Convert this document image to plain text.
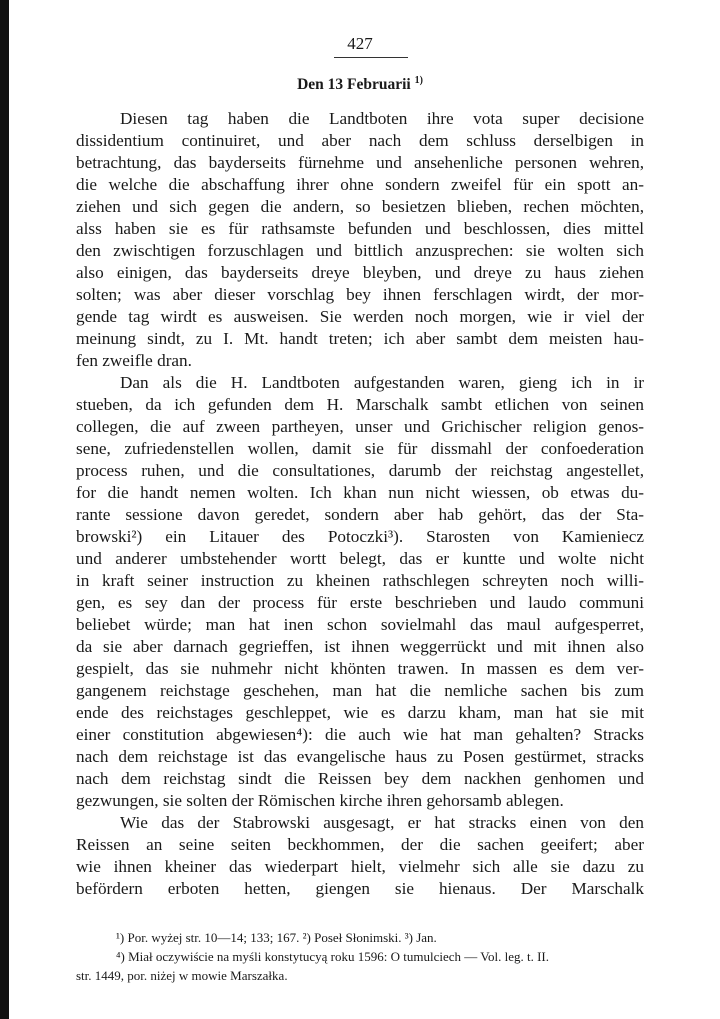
427
Den 13 Februarii $^{1)}$
Diesen tag haben die Landtboten ihre vota super decisione
dissidentium continuiret, und aber nach dem schluss derselbigen in
betrachtung, das bayderseits fürnehme und ansehenliche personen wehren,
die welche die abschaffung ihrer ohne sondern zweifel für ein spott an-
ziehen und sich gegen die andern, so besietzen blieben, rechen möchten,
alss haben sie es für rathsamste befunden und beschlossen, dies mittel
den zwischtigen forzuschlagen und bittlich anzusprechen: sie wolten sich
also einigen, das bayderseits dreye bleyben, und dreye zu haus ziehen
solten; was aber dieser vorschlag bey ihnen ferschlagen wirdt, der mor-
gende tag wirdt es ausweisen. Sie werden noch morgen, wie ir viel der
meinung sindt, zu I. Mt. handt treten; ich aber sambt dem meisten hau-
fen zweifle dran.
Dan als die H. Landtboten aufgestanden waren, gieng ich in ir
stueben, da ich gefunden dem H. Marschalk sambt etlichen von seinen
collegen, die auf zween partheyen, unser und Grichischer religion genos-
sene, zufriedenstellen wollen, damit sie für dissmahl der confoederation
process ruhen, und die consultationes, darumb der reichstag angestellet,
for die handt nemen wolten. Ich khan nun nicht wiessen, ob etwas du-
rante sessione davon geredet, sondern aber hab gehört, das der Sta-
browski²) ein Litauer des Potoczki³). Starosten von Kamieniecz
und anderer umbstehender wortt belegt, das er kuntte und wolte nicht
in kraft seiner instruction zu kheinen rathschlegen schreyten noch willi-
gen, es sey dan der process für erste beschrieben und laudo communi
beliebet würde; man hat inen schon sovielmahl das maul aufgesperret,
da sie aber darnach gegrieffen, ist ihnen weggerrückt und mit ihnen also
gespielt, das sie nuhmehr nicht khönten trawen. In massen es dem ver-
gangenem reichstage geschehen, man hat die nemliche sachen bis zum
ende des reichstages geschleppet, wie es darzu kham, man hat sie mit
einer constitution abgewiesen⁴): die auch wie hat man gehalten? Stracks
nach dem reichstage ist das evangelische haus zu Posen gestürmet, stracks
nach dem reichstag sindt die Reissen bey dem nackhen genhomen und
gezwungen, sie solten der Römischen kirche ihren gehorsamb ablegen.
Wie das der Stabrowski ausgesagt, er hat stracks einen von den
Reissen an seine seiten beckhommen, der die sachen geeifert; aber
wie ihnen kheiner das wiederpart hielt, vielmehr sich alle sie dazu zu
befördern erboten hetten, giengen sie hienaus. Der Marschalk
¹) Por. wyżej str. 10—14; 133; 167. ²) Poseł Słonimski. ³) Jan.
⁴) Miał oczywiście na myśli konstytucyą roku 1596: O tumulciech — Vol. leg. t. II.
str. 1449, por. niżej w mowie Marszałka.
